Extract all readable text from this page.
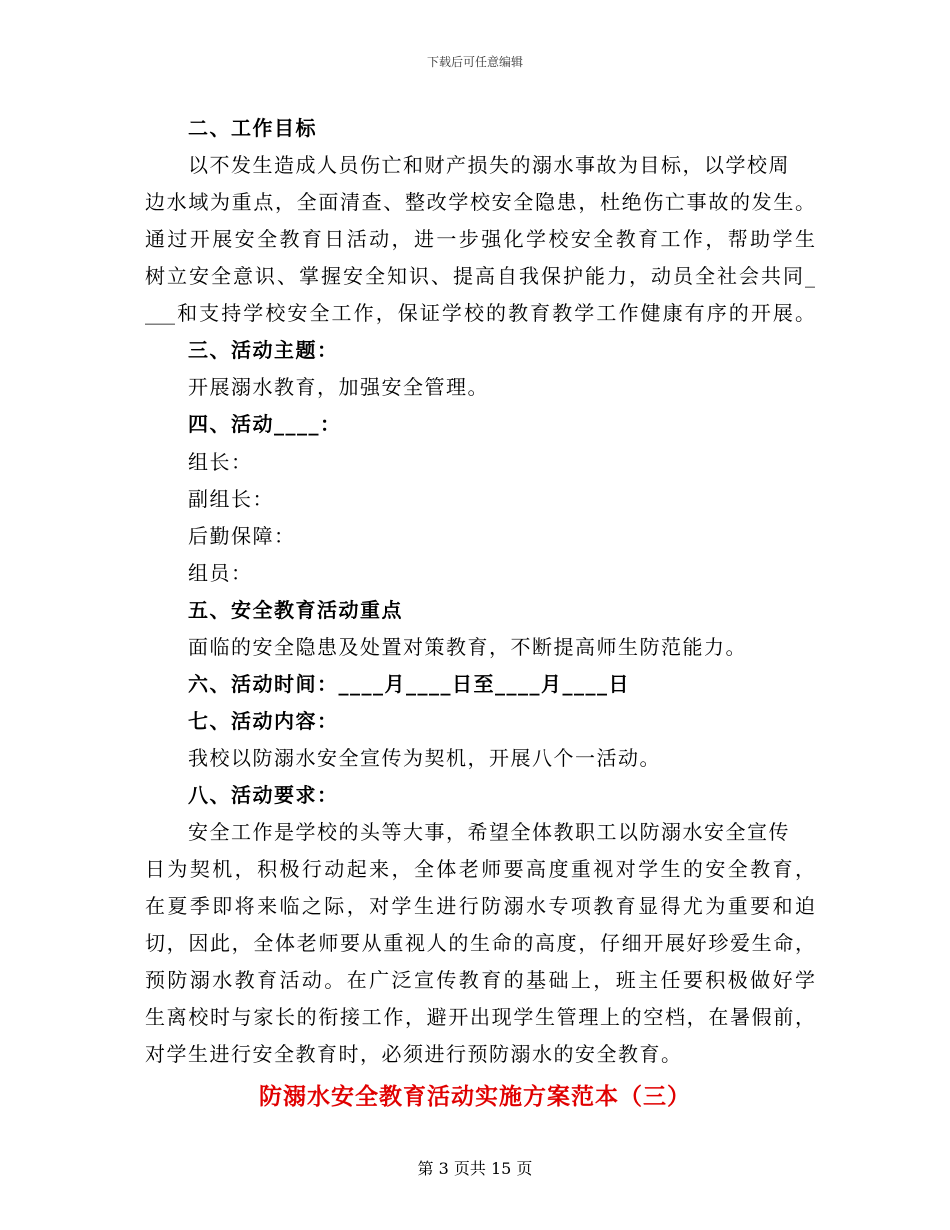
下载后可任意编辑
二、工作目标
以不发生造成人员伤亡和财产损失的溺水事故为目标，以学校周
边水域为重点，全面清查、整改学校安全隐患，杜绝伤亡事故的发生。
通过开展安全教育日活动，进一步强化学校安全教育工作，帮助学生
树立安全意识、掌握安全知识、提高自我保护能力，动员全社会共同_
___和支持学校安全工作，保证学校的教育教学工作健康有序的开展。
三、活动主题：
开展溺水教育，加强安全管理。
四、活动____：
组长：
副组长：
后勤保障：
组员：
五、安全教育活动重点
面临的安全隐患及处置对策教育，不断提高师生防范能力。
六、活动时间：____月____日至____月____日
七、活动内容：
我校以防溺水安全宣传为契机，开展八个一活动。
八、活动要求：
安全工作是学校的头等大事，希望全体教职工以防溺水安全宣传
日为契机，积极行动起来，全体老师要高度重视对学生的安全教育，
在夏季即将来临之际，对学生进行防溺水专项教育显得尤为重要和迫
切，因此，全体老师要从重视人的生命的高度，仔细开展好珍爱生命，
预防溺水教育活动。在广泛宣传教育的基础上，班主任要积极做好学
生离校时与家长的衔接工作，避开出现学生管理上的空档，在暑假前，
对学生进行安全教育时，必须进行预防溺水的安全教育。
防溺水安全教育活动实施方案范本（三）
第 3 页共 15 页
